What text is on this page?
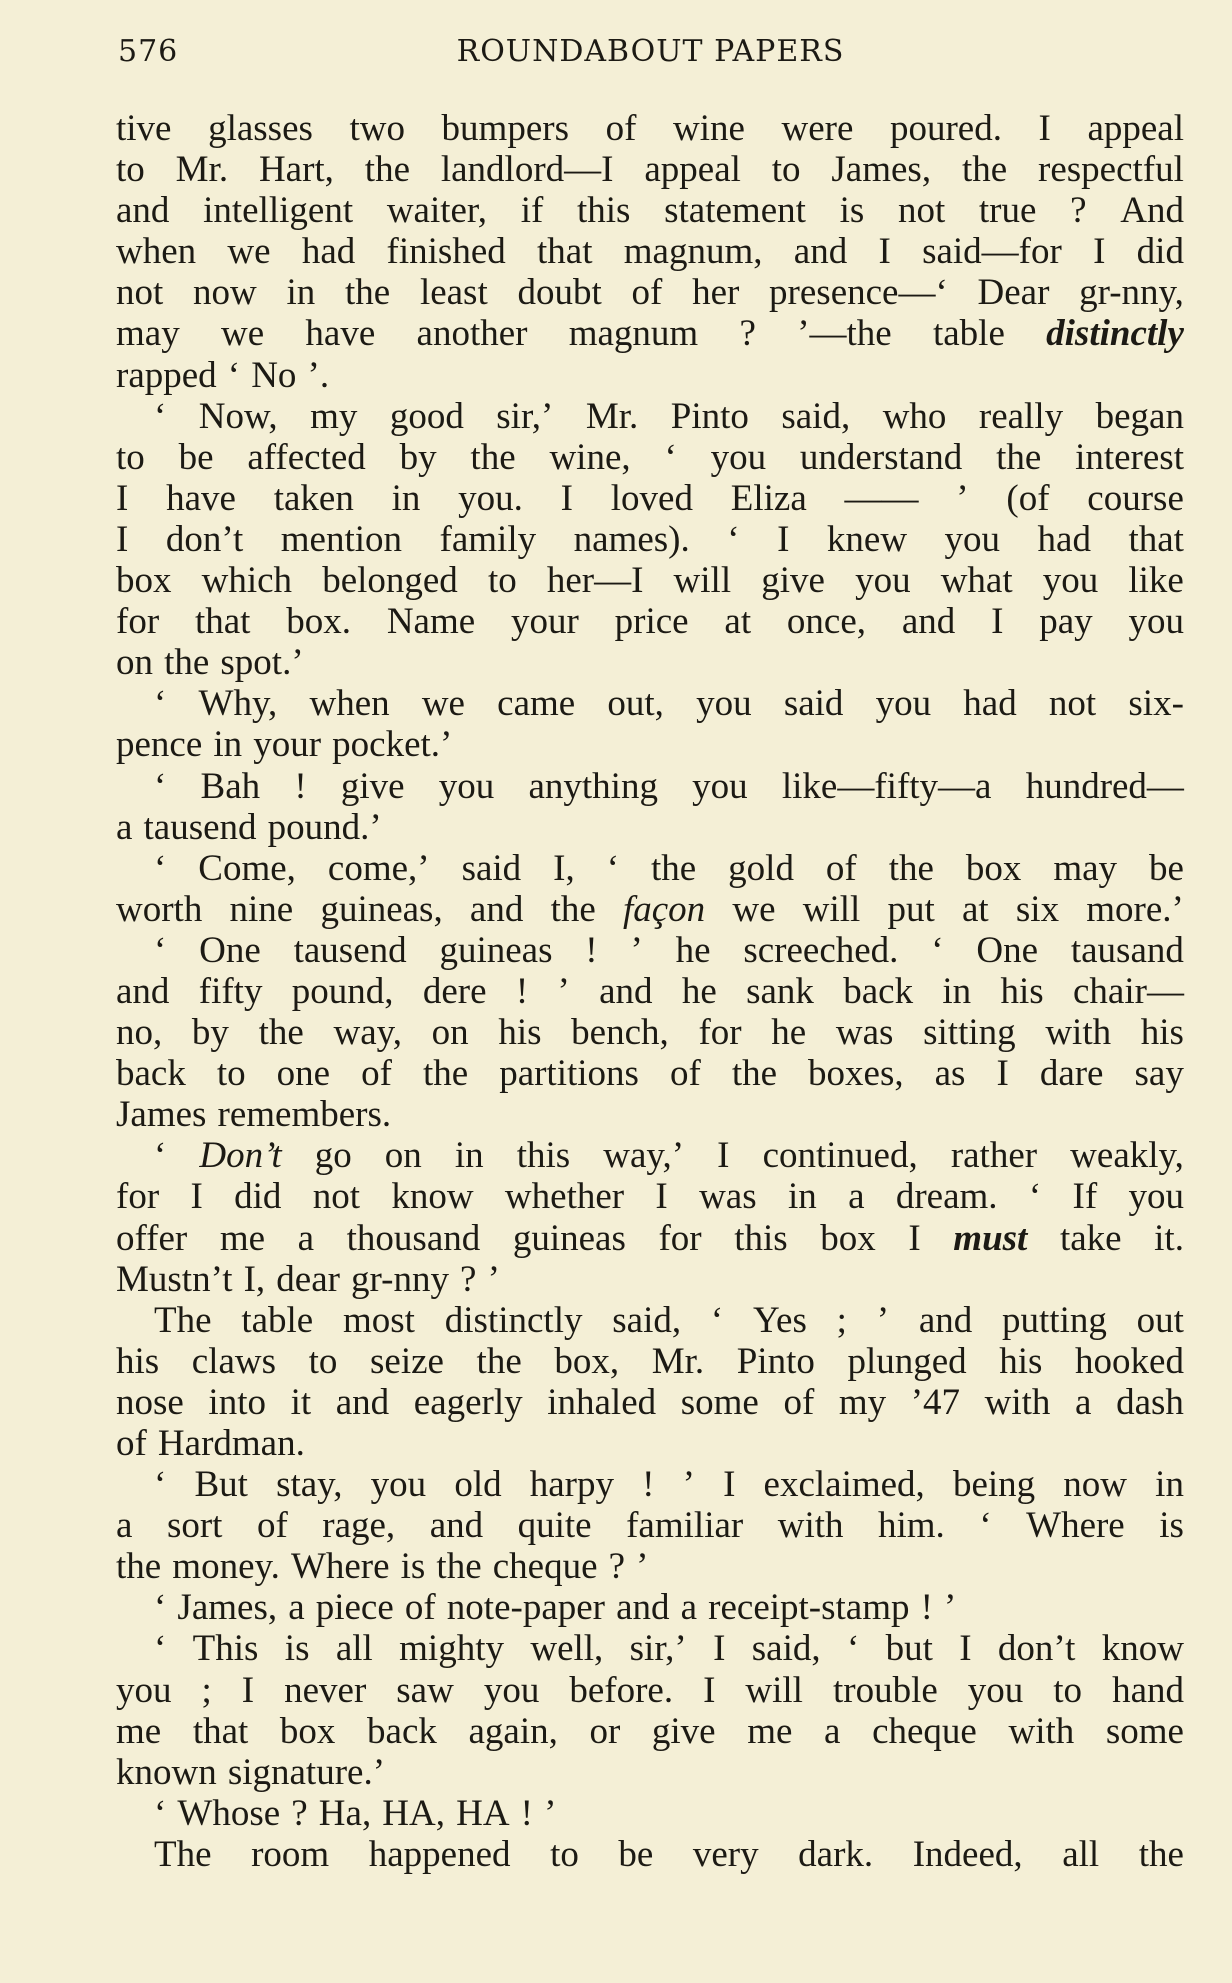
576	ROUNDABOUT PAPERS
tive glasses two bumpers of wine were poured. I appeal
to Mr. Hart, the landlord—I appeal to James, the respectful
and intelligent waiter, if this statement is not true ? And
when we had finished that magnum, and I said—for I did
not now in the least doubt of her presence—‘ Dear gr-nny,
may we have another magnum ? ’—the table distinctly
rapped ‘ No ’.
‘ Now, my good sir,’ Mr. Pinto said, who really began
to be affected by the wine, ‘ you understand the interest
I have taken in you. I loved Eliza —— ’ (of course
I don’t mention family names). ‘ I knew you had that
box which belonged to her—I will give you what you like
for that box. Name your price at once, and I pay you
on the spot.’
‘ Why, when we came out, you said you had not six-
pence in your pocket.’
‘ Bah ! give you anything you like—fifty—a hundred—
a tausend pound.’
‘ Come, come,’ said I, ‘ the gold of the box may be
worth nine guineas, and the façon we will put at six more.’
‘ One tausend guineas ! ’ he screeched. ‘ One tausand
and fifty pound, dere ! ’ and he sank back in his chair—
no, by the way, on his bench, for he was sitting with his
back to one of the partitions of the boxes, as I dare say
James remembers.
‘ Don’t go on in this way,’ I continued, rather weakly,
for I did not know whether I was in a dream. ‘ If you
offer me a thousand guineas for this box I must take it.
Mustn’t I, dear gr-nny ? ’
The table most distinctly said, ‘ Yes ; ’ and putting out
his claws to seize the box, Mr. Pinto plunged his hooked
nose into it and eagerly inhaled some of my ’47 with a dash
of Hardman.
‘ But stay, you old harpy ! ’ I exclaimed, being now in
a sort of rage, and quite familiar with him. ‘ Where is
the money. Where is the cheque ? ’
‘ James, a piece of note-paper and a receipt-stamp ! ’
‘ This is all mighty well, sir,’ I said, ‘ but I don’t know
you ; I never saw you before. I will trouble you to hand
me that box back again, or give me a cheque with some
known signature.’
‘ Whose ? Ha, HA, HA ! ’
The room happened to be very dark. Indeed, all the
